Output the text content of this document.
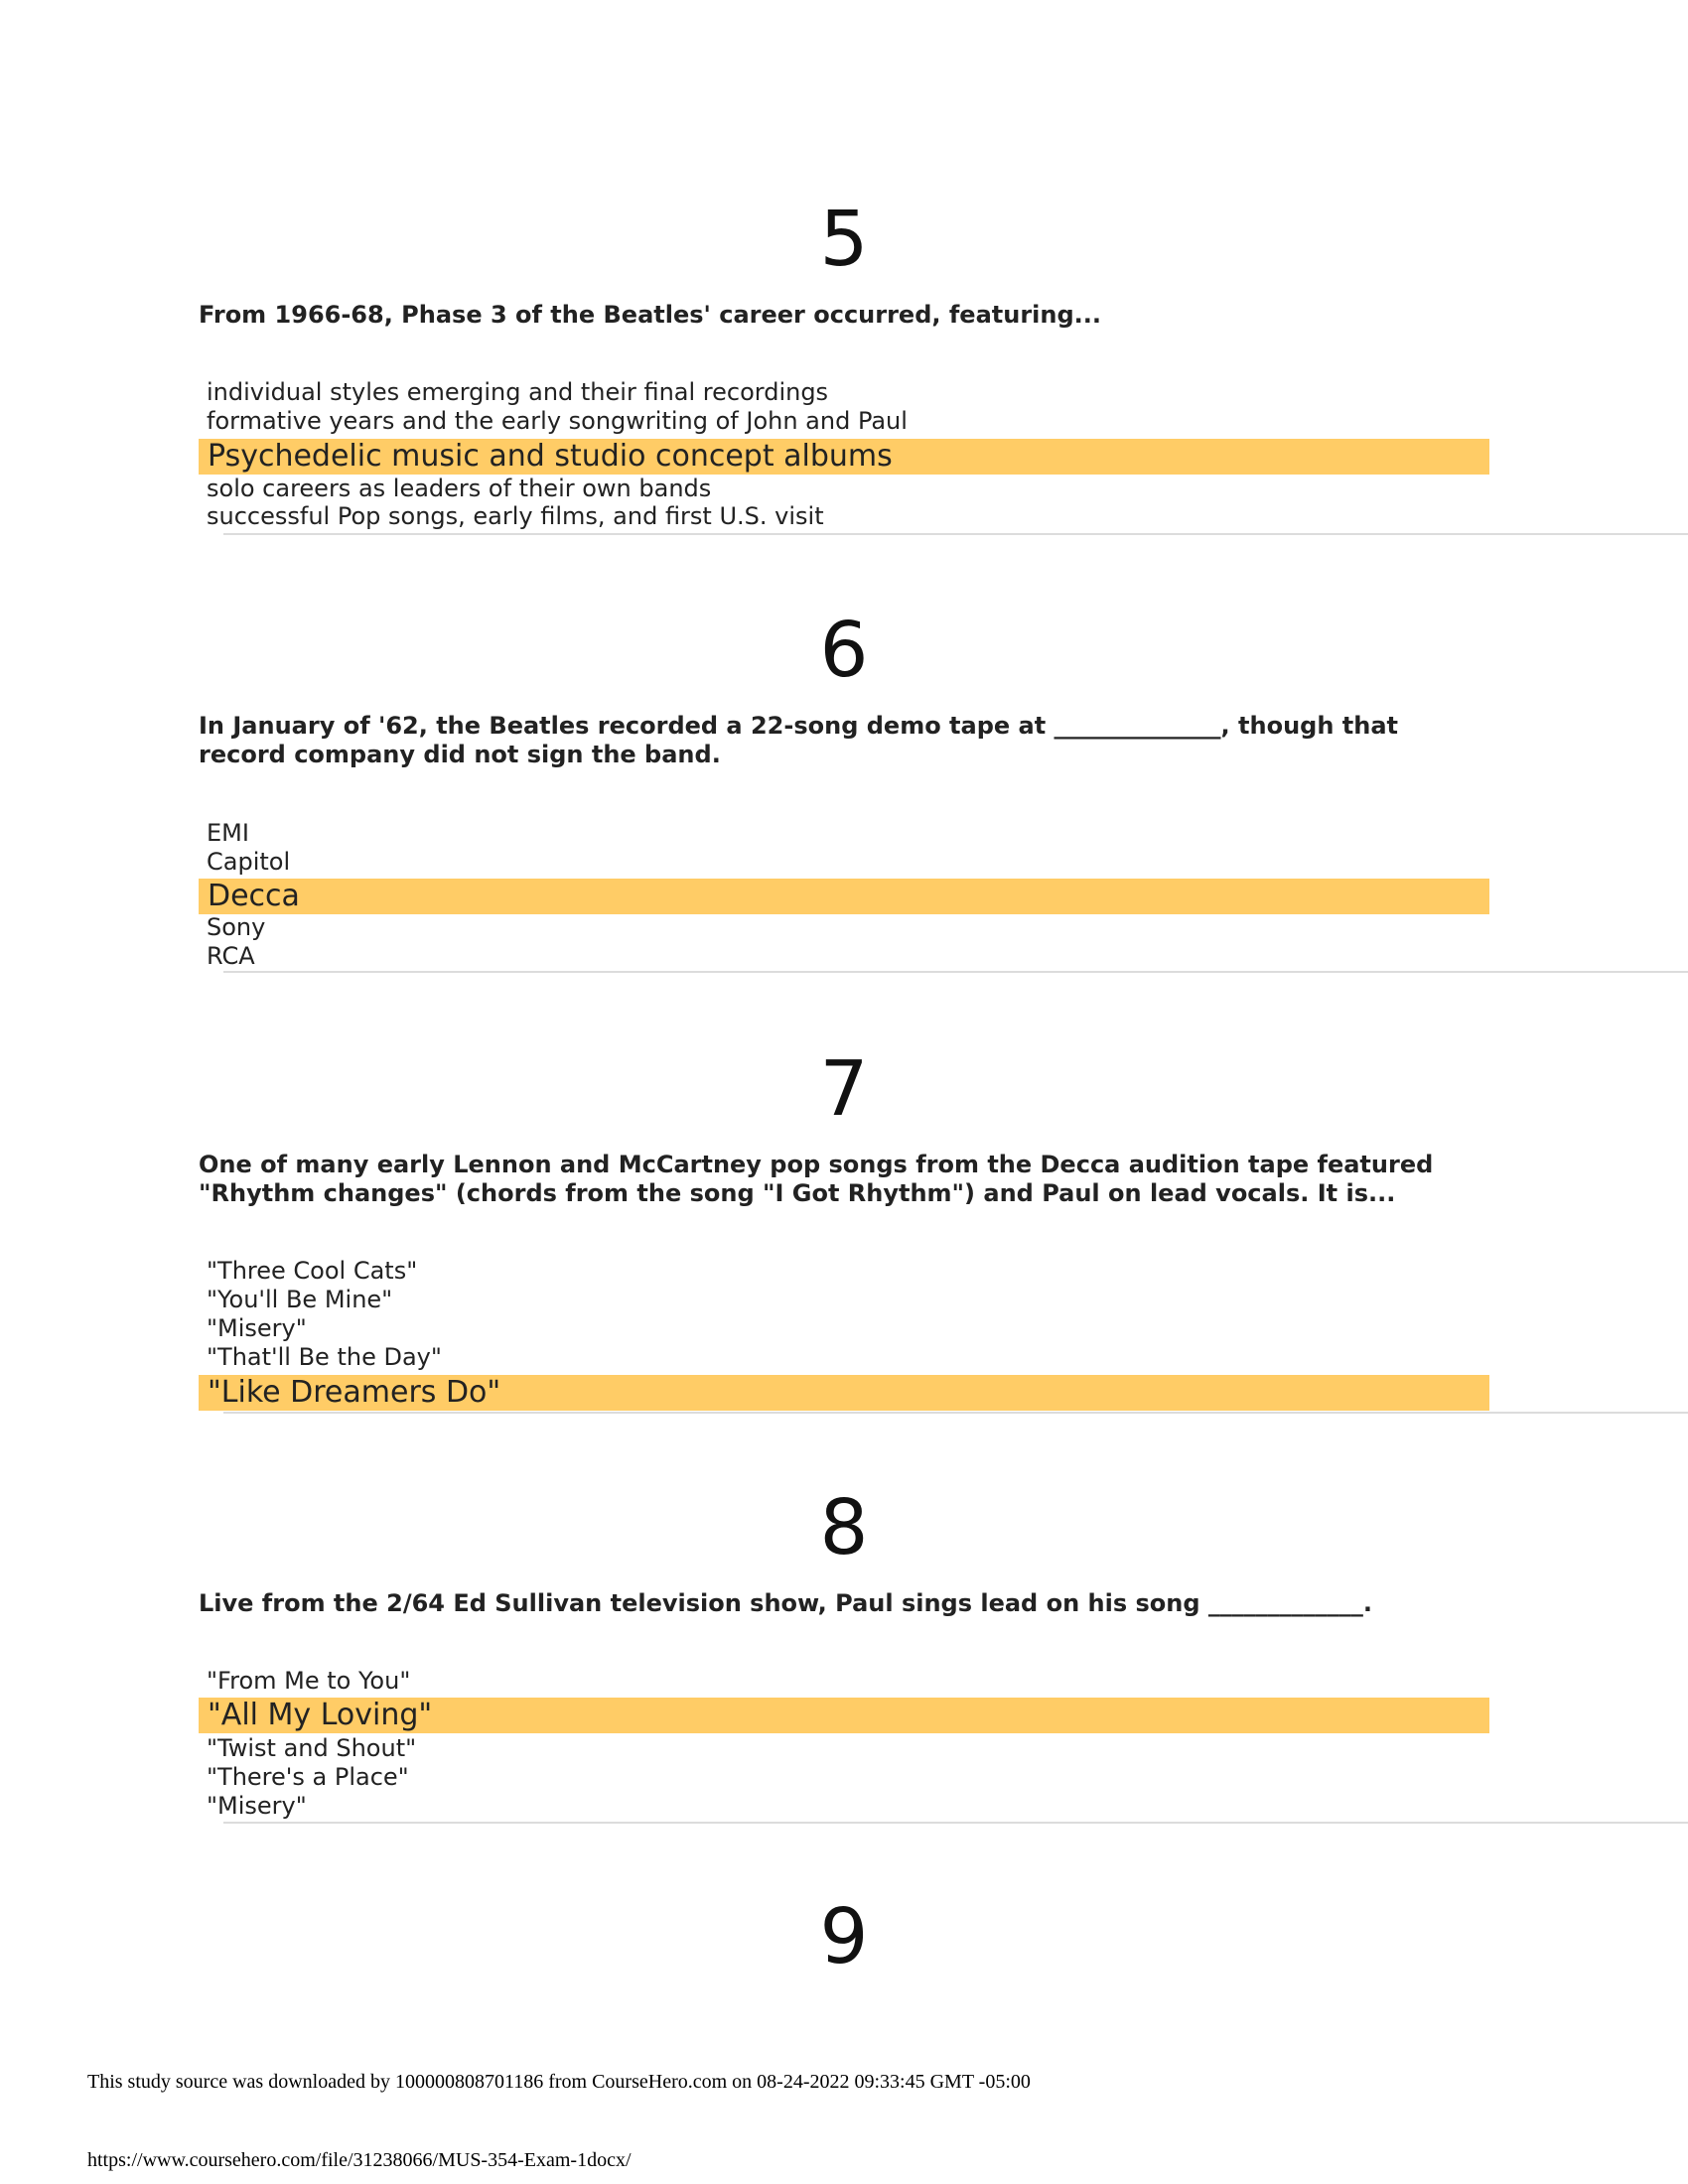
5

From 1966-68, Phase 3 of the Beatles' career occurred, featuring...

individual styles emerging and their final recordings
formative years and the early songwriting of John and Paul
Psychedelic music and studio concept albums
solo careers as leaders of their own bands
successful Pop songs, early films, and first U.S. visit
6

In January of '62, the Beatles recorded a 22-song demo tape at ______________, though that
record company did not sign the band.

EMI
Capitol
Decca
Sony
RCA
7

One of many early Lennon and McCartney pop songs from the Decca audition tape featured
"Rhythm changes" (chords from the song "I Got Rhythm") and Paul on lead vocals. It is...

"Three Cool Cats"
"You'll Be Mine"
"Misery"
"That'll Be the Day"
"Like Dreamers Do"
8

Live from the 2/64 Ed Sullivan television show, Paul sings lead on his song _____________.

"From Me to You"
"All My Loving"
"Twist and Shout"
"There's a Place"
"Misery"
9
This study source was downloaded by 100000808701186 from CourseHero.com on 08-24-2022 09:33:45 GMT -05:00
https://www.coursehero.com/file/31238066/MUS-354-Exam-1docx/
